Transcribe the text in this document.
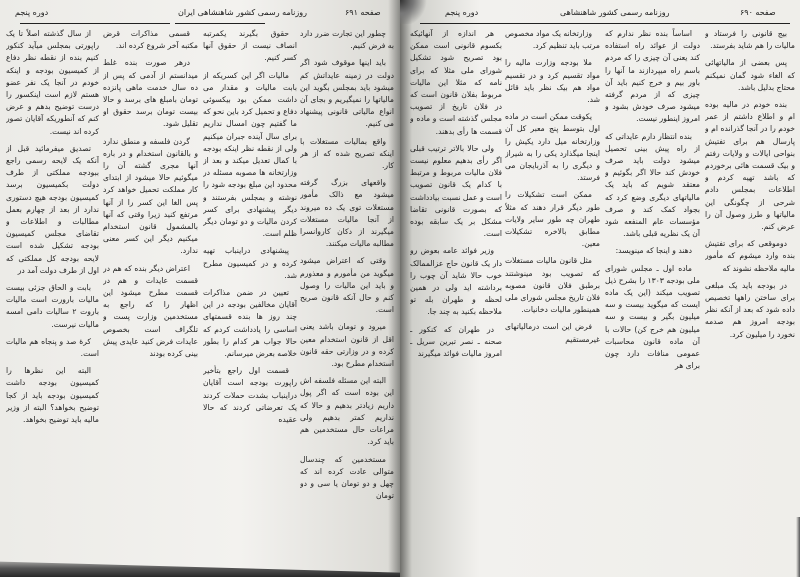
دوره پنجم	روزنامه رسمی کشور شاهنشاهی ایران	صفحه ۶۹۱

چطور این تجارت ضرر دارد به فرض کنیم.

باید اینها موقوف شود اگر دولت در زمینه عایداتش کم میشود باید بمجلس بگوید این مالیاتها را نمیگیریم و بجای آن انواع مالیاتی قانونی پیشنهاد می کنیم.

واقع بمالیات مستغلات با اینکه تصریح شده که از هر کار.

واقعهای بزرگ گرفته میشود مع ذالک مأمور مستغلات توی یک ده میروند از آنجا مالیات مستغلات میگیرند از دکان کاروانسرا مطالبه مالیات میکنند.

وقتی که اعتراض میشود میگوید من مأمورم و معذورم و باید این مالیات را وصول کنم و حال آنکه قانون صریح است.

میرود و تومان باشد یعنی اقل از قانون استخدام معین کرده و در وزارتی حقه قانون استخدام مطرح بود.

البته این مسئله فلسفه اش این بوده است که اگر پول داریم زیادتر بدهیم و حالا که نداریم کمتر بدهیم ولی مراعات حال مستخدمین هم باید کرد.

مستخدمین که چندسال متوالی عادت کرده اند که چهل و دو تومان یا سی و دو تومان

حقوق بگیرند یکمرتبه انصاف نیست از حقوق آنها کسر کنیم.

مالیات اگر این کسریکه از بابت مالیات و مقدار می داشت ممکن بود بیکسوئی دفاع و تحمیل کرد باین نحو که ما گفتیم چون امسال نداریم برای سال آینده جبران میکنیم ولی از نقطه نظر اینکه بودجه با کمال تعدیل میکند و بعد از وزارتخانه ها مصوبه مسئله در محدود این مبلغ بودجه شود را نوشته و بمجلس بفرستند و دیگر پیشنهادی برای کسر کردن مالیات و دو تومان دیگر ظلم است.

پیشنهادی دراینباب تهیه کرده و در کمیسیون مطرح شد.

تعیین در ضمن مذاکرات آقایان مخالفین بودجه در این چند روز ها بنده قسمتهای اساسی را یادداشت کردم که حالا جواب هر کدام را بطور خلاصه بعرض میرسانم.

قسمت اول راجع بتأخیر راپورت بودجه است آقایان دراینباب بشدت حملات کردند یک تعرضاتی کردند که حالا عقیده

قسمی مذاکرات قرض مکتبه آخر شروع کرده اند.

درهر صورت بنده غلط میدانستم از آدمی که پس از ده سال خدمت ماهی پانزده تومان بامبلغ های برسد و حالا بیست تومان برسد حقوق او تقلیل شود.

گردن فلسفه و منطق ندارد و بالقانون استخدام و در باره آنها مجری گشته آن را میگوئیم حالا میشود از ابتدای کار مملکت تحمیل خواهد کرد پس الغا این کسر را از آنها مرتفع کنید زیرا وقتی که آنها بالمشمول قانون استخدام میکنیم دیگر این کسر معنی ندارد.

اعتراض دیگر بنده که هم در قسمت عایدات و هم در قسمت مطرح میشود این اظهار را که راجع به مستخدمین وزارت پست و تلگراف است بخصوص عایدات فرض کنید عایدی پیش بینی کرده بودند

از سال گذشته اصلاً تا یک راپورتی بمجلس میآید کنکور کنیم بنده از نقطه نظر دفاع از کمیسیون بودجه و اینکه خودم در آنجا یک نفر عضو هستم لازم است اینکسور را درست توضیح بدهم و عرض کنم که آنطوریکه آقایان تصور کرده اند نیست.

تصدیق میفرمائید قبل از آنکه یک لایحه رسمی راجع ببودجه مملکتی از طرف دولت بکمیسیون برسد کمیسیون بودجه هیچ دستوری ندارد از بعد از چهارم بعمل مطالبات و اطلاعات و تقاضای مجلس کمیسیون بودجه تشکیل شده است لایحه بودجه کل مملکتی که اول از طرف دولت آمد در

بابت و الحاق جزئی بیست مالیات بارورت است مالیات باروت ۲ سالیات دامی امسه مالیات نیرست.

کرۀ صد و پنجاه هم مالیات است.

البته این نظرها را کمیسیون بودجه داشت کمیسیون بودجه باید از کجا توضیح بخواهد؟ البته از وزیر مالیه باید توضیح بخواهد.

دوره پنجم	روزنامه رسمی کشور شاهنشاهی	صفحه ۶۹۰

بیج قانونی را فرستاد و مالیات را هم شاید بفرستد.

پس بعضی از مالیاتهائی که الغاء شود گمان نمیکنم محتاج بدلیل باشد.

بنده خودم در مالیه بوده ام و اطلاع داشتم از عمر خودم را در آنجا گذرانده ام و پارسال هم برای تفتیش بنواحی ایالات و ولایات رفتم و بیک قسمت هائی برخوردم که باشد تهیه کردم و اطلاعات بمجلس دادم شرحی از چگونگی این مالیاتها و طرز وصول آن را عرض کنم.

دوموقعی که برای تفتیش بنده وارد میشوم که مأمور مالیه ملاحظه نشوند که

در بودجه باید یک مبلغی برای ساختن راهها تخصیص داده شود که بعد از آنکه نظر بودجه امروز هم صدمه نخورد را میلیون کرد.

اساساً بنده نظر ندارم که دولت از عوائد راه استفاده کند یعنی آن چیزی را که مردم باسم راه میپردازند ما آنها را باور بیم و خرج کنیم باید آن چیزی که از مردم گرفته میشود صرف خودش بشود و امروز اینطور نیست.

بنده انتظار دارم عایداتی که از راه پیش بینی تحصیل میشود دولت باید صرف خودش کند حالا اگر بگوئیم و معتقد شویم که باید یک مالیاتهای دیگری وضع کرد که بجواد کمک کند و صرف مؤسسات عام المنفعه شود آن یک نظریه قبلی باشد.

دهند و اینجا که مینویسد:

ماده اول ـ مجلس شورای ملی بودجه ۱۳۰۳ را بشرح ذیل تصویب میکند (این یک ماده ایست که میگوید بیست و سه میلیون بگیر و بیست و سه میلیون هم خرج کن) حالات با آن ماده قانون محاسبات عمومی منافات دارد چون برای هر

وزارتخانه یک مواد مخصوص مرتب باید تنظیم کرد.

ملا بودجه وزارت مالیه را مواد تقسیم کرد و در تقسیم مواد هم بیک نظر باید قائل شد.

یکوقت ممکن است در ماده اول بتوسط پنج معبر کل آن وزارتخانه میل دارد یکیش را اینجا میگذارد یکی را به شیراز و دیگری را به آذربایجان می فرستد.

ممکن است تشکیلات را طور دیگر قرار دهند که مثلاً طهران چه طور سایر ولایات مطابق بالاخره تشکیلات معین.

مثل قانون مالیات مستغلات که تصویب بود مینوشتند برطبق فلان قانون مصوبه فلان تاریخ مجلس شورای ملی همینطور مالیات دخانیات.

فرض این است درمالیاتهای غیرمستقیم

هر اندازه از آنهائیکه بکسوم قانونی است ممکن بود تصریح شود تشکیل شورای ملی مثلا که برای نامه که مثلا این مالیات مربوط بفلان قانون است که در فلان تاریخ از تصویب مجلس گذشته است و ماده و قسمت ها رأی بدهند.

ولی حالا بالاتر ترتیب قبلی اگر رأی بدهیم معلوم نیست فلان مالیات مربوط و مرتبط با کدام یک قانون تصویب است و عمل نسبت بیادداشت که بصورت قانونی تقاضا مشکل بر یک سابقه بوده است.

وزیر فوائد عامه بعوض رو دار یک قانون حاج عزالممالک خوب حالا شاید آن چوب را برداشته اید ولی در همین لحظه و طهران بله تو ملاحظه بکنید به چند جا.

در طهران که کنکور ـ صحنه ـ نصر تبرین سریل ـ امروز مالیات فوائد میگیرند
